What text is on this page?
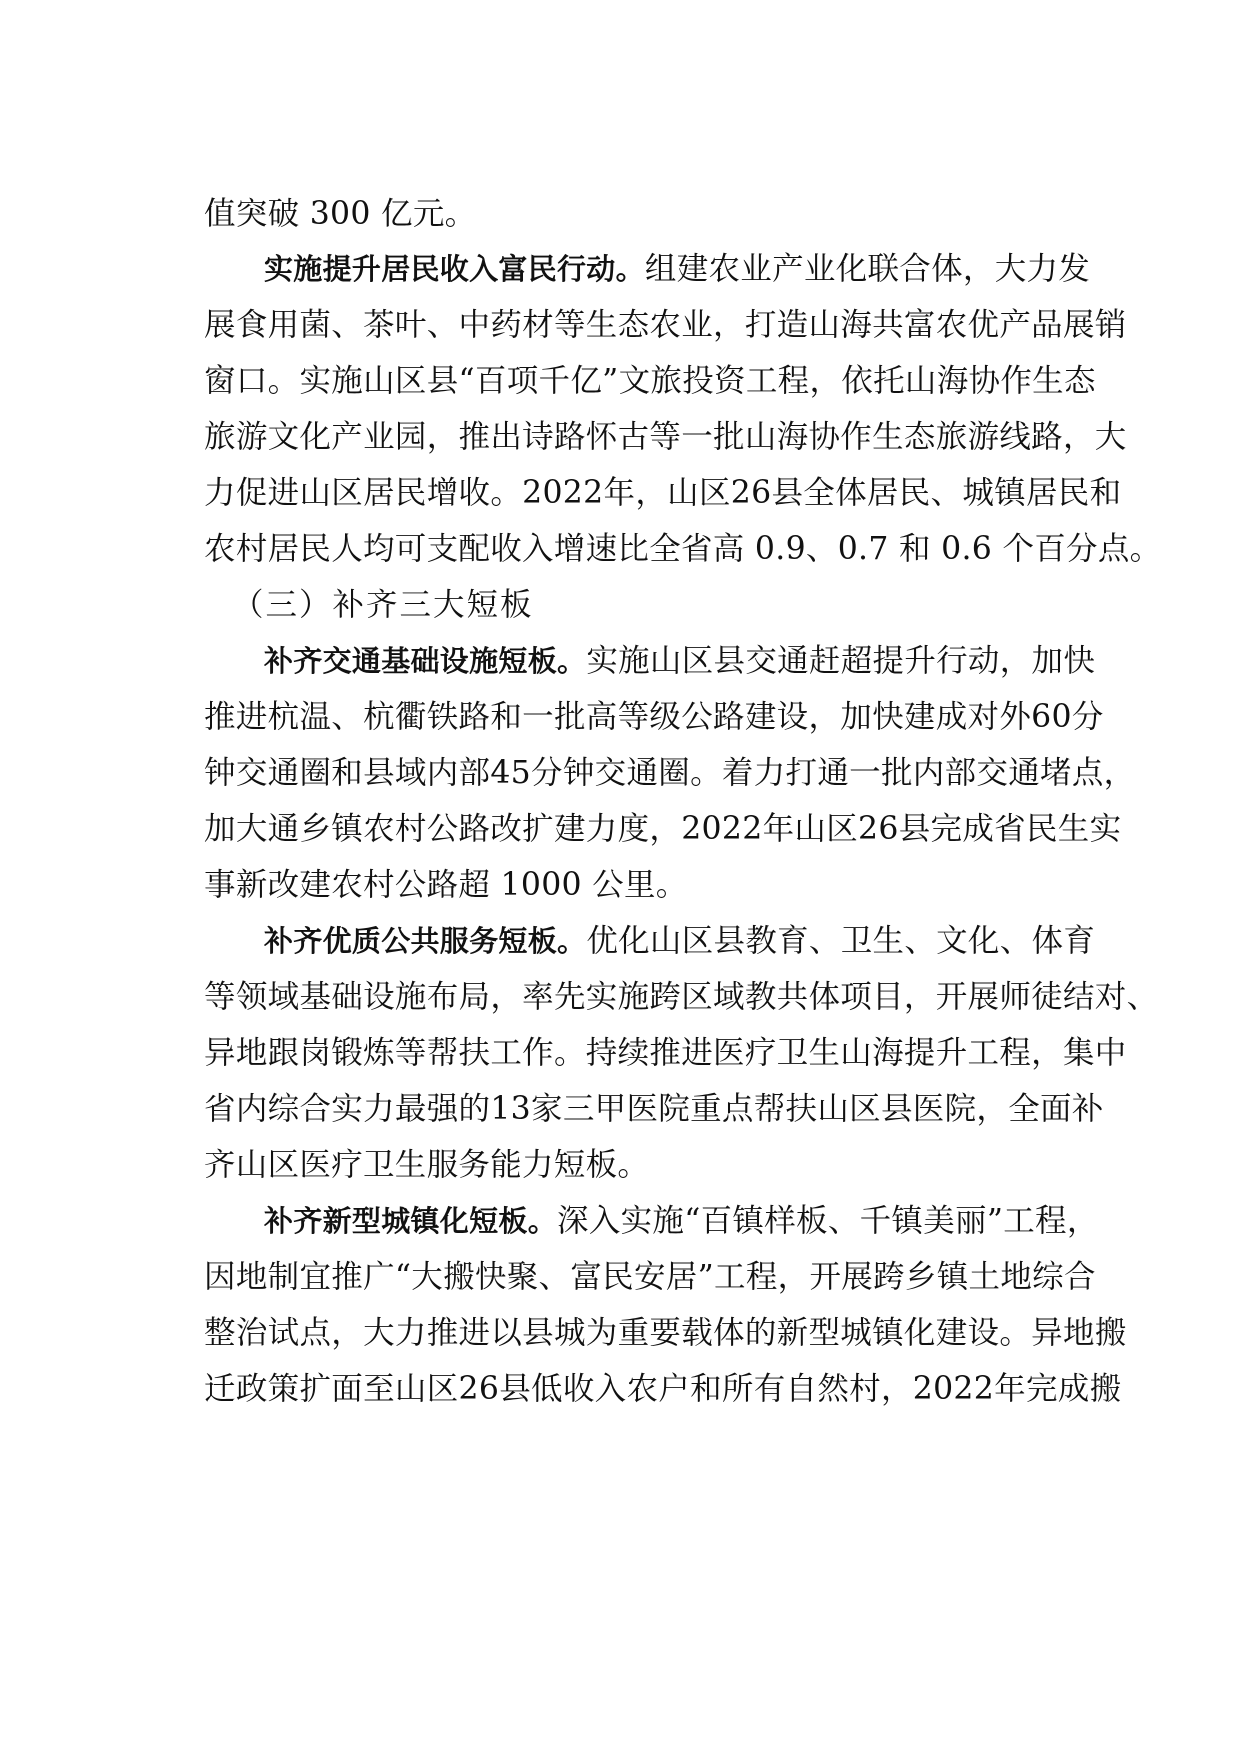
值突破 300 亿元。
实施提升居民收入富民行动。 组建农业产业化联合体，大力发
展 食 用 菌 、 茶 叶 、 中 药 材 等 生 态 农 业 ， 打 造 山 海 共 富 农 优 产 品 展 销
窗 口 。 实 施 山 区 县 “ 百 项 千 亿 ” 文 旅 投 资 工 程 ， 依 托 山 海 协 作 生 态
旅 游 文 化 产 业 园 ， 推 出 诗 路 怀 古 等 一 批 山 海 协 作 生 态 旅 游 线 路 ， 大
力 促 进 山 区 居 民 增 收 。 2022 年 ， 山 区 26 县 全 体 居 民 、 城 镇 居 民 和
农村居民人均可支配收入增速比全省高 0.9、0.7 和 0.6 个百分点。
（三）补齐三大短板
补齐交通基础设施短板。 实施山区县交通赶超提升行动，加快
推 进 杭 温 、 杭 衢 铁 路 和 一 批 高 等 级 公 路 建 设 ， 加 快 建 成 对 外 60 分
钟 交 通 圈 和 县 域 内 部 45 分 钟 交 通 圈 。 着 力 打 通 一 批 内 部 交 通 堵 点 ，
加 大 通 乡 镇 农 村 公 路 改 扩 建 力 度 ， 2022 年 山 区 26 县 完 成 省 民 生 实
事新改建农村公路超 1000 公里。
补齐优质公共服务短板。 优化山区县教育、卫生、文化、体育
等 领 域 基 础 设 施 布 局 ， 率 先 实 施 跨 区 域 教 共 体 项 目 ， 开 展 师 徒 结 对 、
异 地 跟 岗 锻 炼 等 帮 扶 工 作 。 持 续 推 进 医 疗 卫 生 山 海 提 升 工 程 ， 集 中
省 内 综 合 实 力 最 强 的 13 家 三 甲 医 院 重 点 帮 扶 山 区 县 医 院 ， 全 面 补
齐山区医疗卫生服务能力短板。
补齐新型城镇化短板。 深入实施“百镇样板、千镇美丽”工程，
因 地 制 宜 推 广 “ 大 搬 快 聚 、 富 民 安 居 ” 工 程 ， 开 展 跨 乡 镇 土 地 综 合
整 治 试 点 ， 大 力 推 进 以 县 城 为 重 要 载 体 的 新 型 城 镇 化 建 设 。 异 地 搬
迁 政 策 扩 面 至 山 区 26 县 低 收 入 农 户 和 所 有 自 然 村 ， 2022 年 完 成 搬
